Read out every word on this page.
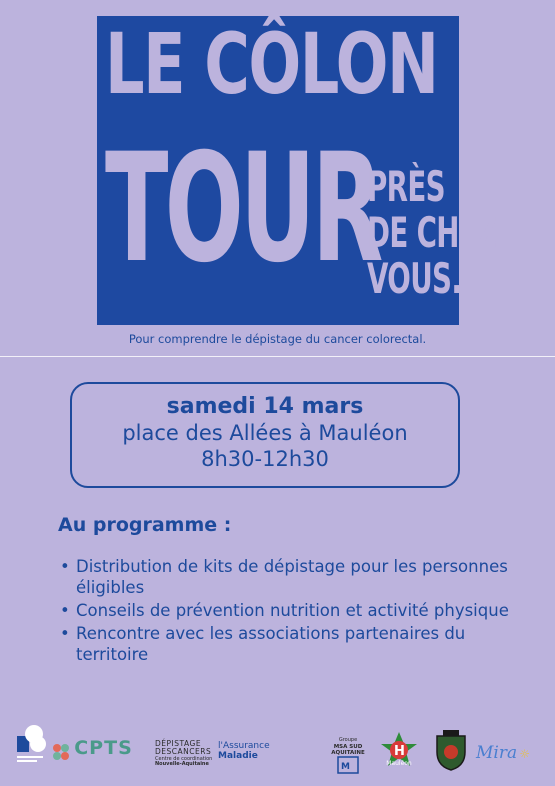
LE CÔLON
TOUR
PRÈS
DE CHEZ
VOUS.
Pour comprendre le dépistage du cancer colorectal.
samedi 14 mars
place des Allées à Mauléon
8h30-12h30
Au programme :
• Distribution de kits de dépistage pour les personnes éligibles
• Conseils de prévention nutrition et activité physique
• Rencontre avec les associations partenaires du territoire
CPTS	DÉPISTAGE
DESCANCERS
Centre de coordination
Nouvelle-Aquitaine
l'Assurance
Maladie
Groupe
MSA SUD AQUITAINE
M
H
Mauléon
Mira ☼
